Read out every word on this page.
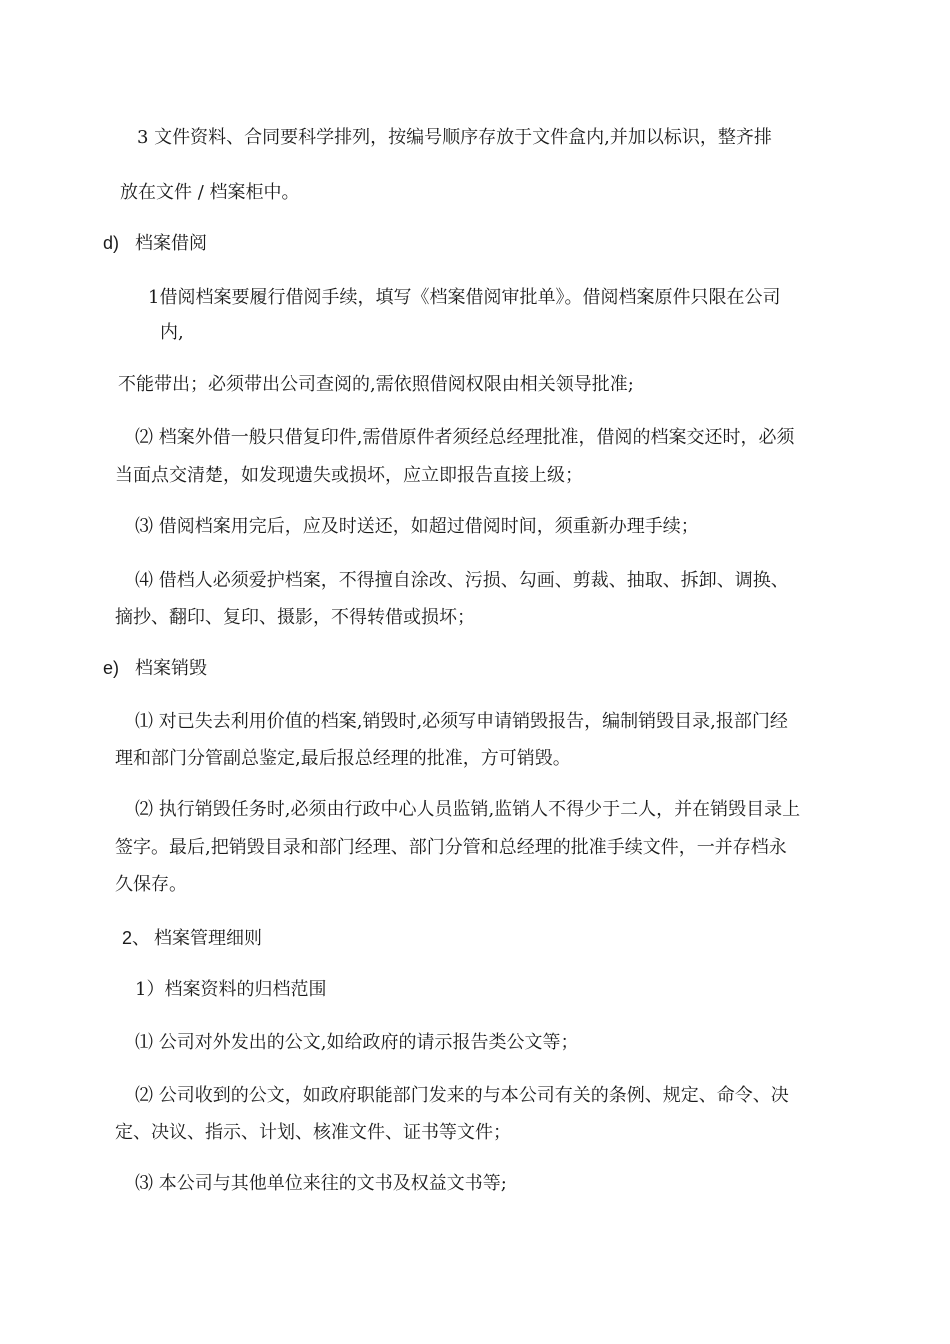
3 文件资料、合同要科学排列，按编号顺序存放于文件盒内,并加以标识，整齐排
放在文件 / 档案柜中。
d) 档案借阅
1借阅档案要履行借阅手续，填写《档案借阅审批单》。借阅档案原件只限在公司
内,
不能带出；必须带出公司查阅的,需依照借阅权限由相关领导批准;
⑵ 档案外借一般只借复印件,需借原件者须经总经理批准，借阅的档案交还时，必须
当面点交清楚，如发现遗失或损坏，应立即报告直接上级；
⑶ 借阅档案用完后，应及时送还，如超过借阅时间，须重新办理手续；
⑷ 借档人必须爱护档案，不得擅自涂改、污损、勾画、剪裁、抽取、拆卸、调换、
摘抄、翻印、复印、摄影，不得转借或损坏；
e) 档案销毁
⑴ 对已失去利用价值的档案,销毁时,必须写申请销毁报告，编制销毁目录,报部门经
理和部门分管副总鉴定,最后报总经理的批准，方可销毁。
⑵ 执行销毁任务时,必须由行政中心人员监销,监销人不得少于二人，并在销毁目录上
签字。最后,把销毁目录和部门经理、部门分管和总经理的批准手续文件，一并存档永
久保存。
2、 档案管理细则
1）档案资料的归档范围
⑴ 公司对外发出的公文,如给政府的请示报告类公文等；
⑵ 公司收到的公文，如政府职能部门发来的与本公司有关的条例、规定、命令、决
定、决议、指示、计划、核准文件、证书等文件；
⑶ 本公司与其他单位来往的文书及权益文书等;
